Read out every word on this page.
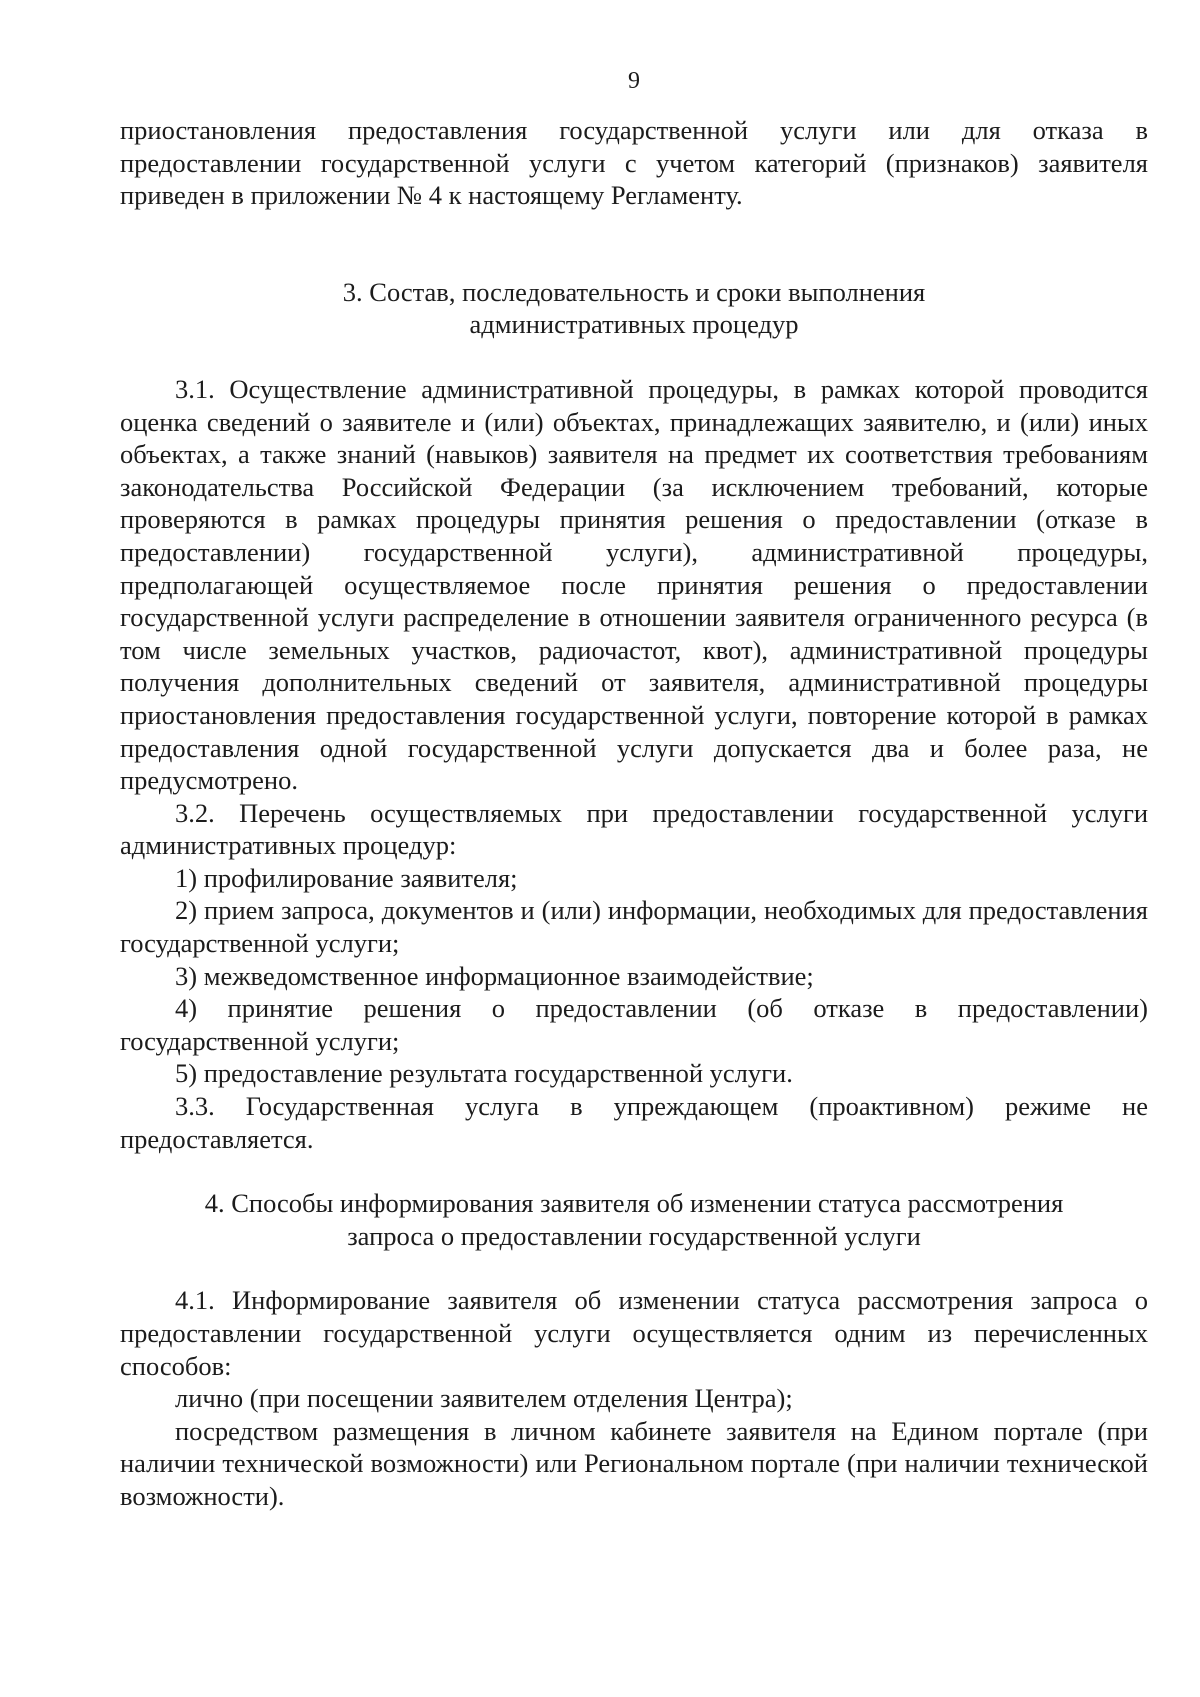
9

приостановления предоставления государственной услуги или для отказа в предоставлении государственной услуги с учетом категорий (признаков) заявителя приведен в приложении № 4 к настоящему Регламенту.

3. Состав, последовательность и сроки выполнения
административных процедур

3.1. Осуществление административной процедуры, в рамках которой проводится оценка сведений о заявителе и (или) объектах, принадлежащих заявителю, и (или) иных объектах, а также знаний (навыков) заявителя на предмет их соответствия требованиям законодательства Российской Федерации (за исключением требований, которые проверяются в рамках процедуры принятия решения о предоставлении (отказе в предоставлении) государственной услуги), административной процедуры, предполагающей осуществляемое после принятия решения о предоставлении государственной услуги распределение в отношении заявителя ограниченного ресурса (в том числе земельных участков, радиочастот, квот), административной процедуры получения дополнительных сведений от заявителя, административной процедуры приостановления предоставления государственной услуги, повторение которой в рамках предоставления одной государственной услуги допускается два и более раза, не предусмотрено.

3.2. Перечень осуществляемых при предоставлении государственной услуги административных процедур:

1) профилирование заявителя;

2) прием запроса, документов и (или) информации, необходимых для предоставления государственной услуги;

3) межведомственное информационное взаимодействие;

4) принятие решения о предоставлении (об отказе в предоставлении) государственной услуги;

5) предоставление результата государственной услуги.

3.3. Государственная услуга в упреждающем (проактивном) режиме не предоставляется.

4. Способы информирования заявителя об изменении статуса рассмотрения
запроса о предоставлении государственной услуги

4.1. Информирование заявителя об изменении статуса рассмотрения запроса о предоставлении государственной услуги осуществляется одним из перечисленных способов:

лично (при посещении заявителем отделения Центра);

посредством размещения в личном кабинете заявителя на Едином портале (при наличии технической возможности) или Региональном портале (при наличии технической возможности).
